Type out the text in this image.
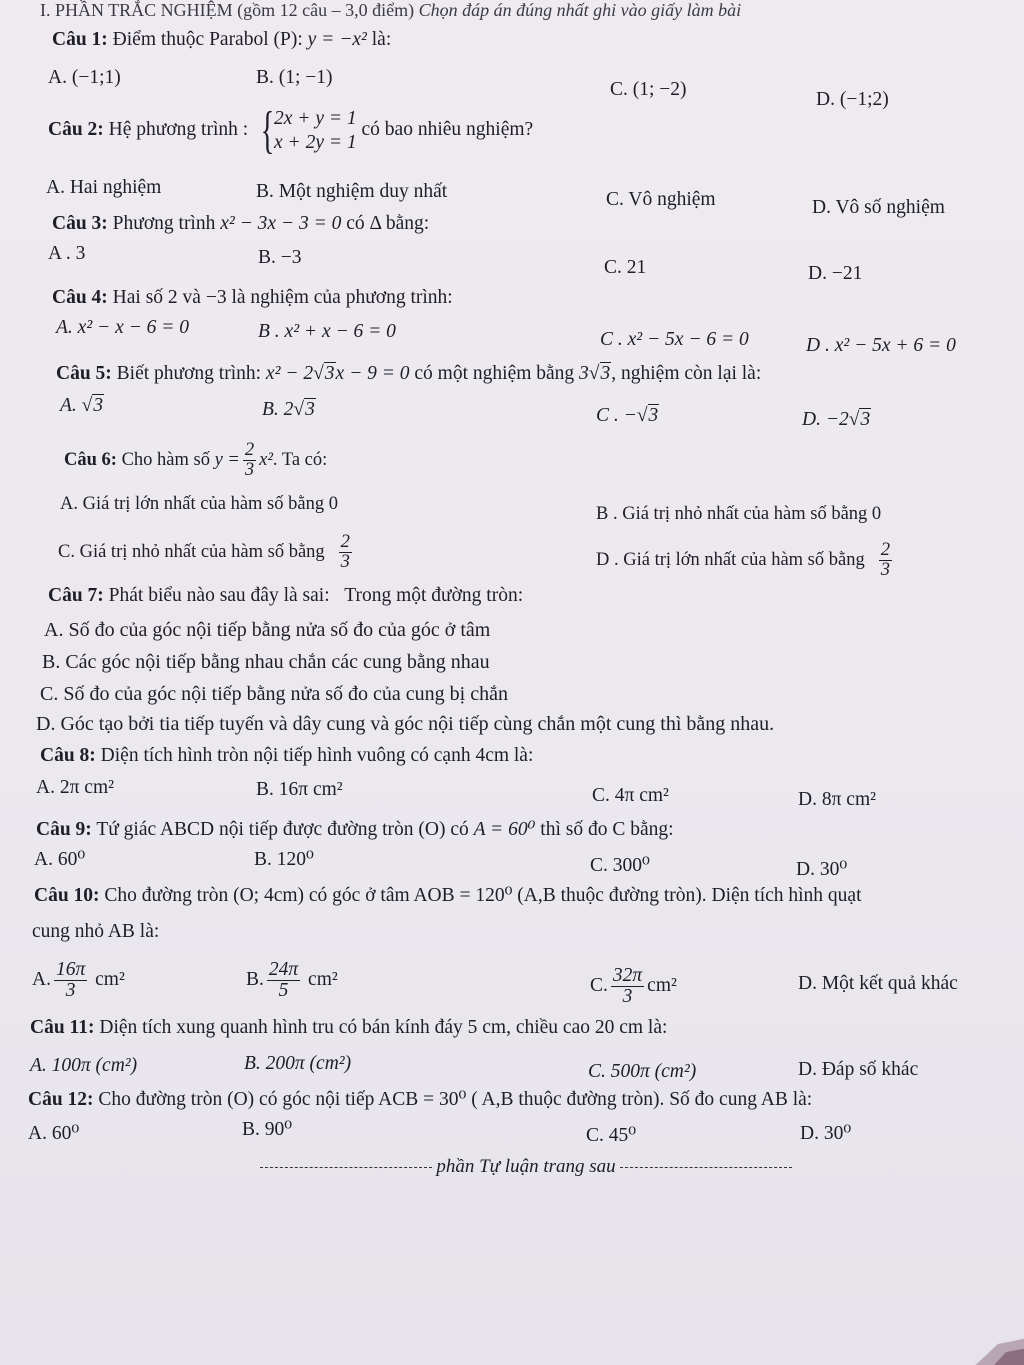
I. PHẦN TRẮC NGHIỆM (gồm 12 câu – 3,0 điểm) Chọn đáp án đúng nhất ghi vào giấy làm bài
Câu 1: Điểm thuộc Parabol (P): y = −x² là:
A. (−1;1)	B. (1; −1)
C. (1; −2)	D. (−1;2)
Câu 2: Hệ phương trình : { 2x + y = 1
x + 2y = 1
có bao nhiêu nghiệm?
A. Hai nghiệm	B. Một nghiệm duy nhất	C. Vô nghiệm	D. Vô số nghiệm
Câu 3: Phương trình x² − 3x − 3 = 0 có Δ bằng:
A . 3	B. −3	C. 21	D. −21
Câu 4: Hai số 2 và −3 là nghiệm của phương trình:
A. x² − x − 6 = 0	B . x² + x − 6 = 0	C . x² − 5x − 6 = 0	D . x² − 5x + 6 = 0
Câu 5: Biết phương trình: x² − 2√3x − 9 = 0 có một nghiệm bằng 3√3, nghiệm còn lại là:
A. √3	B. 2√3	C . −√3	D. −2√3
Câu 6: Cho hàm số $y = \frac{2}{3} x^2$. Ta có:
A. Giá trị lớn nhất của hàm số bằng 0	B . Giá trị nhỏ nhất của hàm số bằng 0
C. Giá trị nhỏ nhất của hàm số bằng $\frac{2}{3}$	D . Giá trị lớn nhất của hàm số bằng $\frac{2}{3}$
Câu 7: Phát biểu nào sau đây là sai: Trong một đường tròn:
A. Số đo của góc nội tiếp bằng nửa số đo của góc ở tâm
B. Các góc nội tiếp bằng nhau chắn các cung bằng nhau
C. Số đo của góc nội tiếp bằng nửa số đo của cung bị chắn
D. Góc tạo bởi tia tiếp tuyến và dây cung và góc nội tiếp cùng chắn một cung thì bằng nhau.
Câu 8: Diện tích hình tròn nội tiếp hình vuông có cạnh 4cm là:
A. 2π cm²	B. 16π cm²	C. 4π cm²	D. 8π cm²
Câu 9: Tứ giác ABCD nội tiếp được đường tròn (O) có A = 60⁰ thì số đo C bằng:
A. 60⁰	B. 120⁰	C. 300⁰	D. 30⁰
Câu 10: Cho đường tròn (O; 4cm) có góc ở tâm AOB = 120⁰ (A,B thuộc đường tròn). Diện tích hình quạt
cung nhỏ AB là:
A. $\frac{16\pi}{3} cm^2$	B. $\frac{24\pi}{5} cm^2$	C. $\frac{32\pi}{3} cm^2$	D. Một kết quả khác
Câu 11: Diện tích xung quanh hình tru có bán kính đáy 5 cm, chiều cao 20 cm là:
A. 100π (cm²)	B. 200π (cm²)	C. 500π (cm²)	D. Đáp số khác
Câu 12: Cho đường tròn (O) có góc nội tiếp ACB = 30⁰ ( A,B thuộc đường tròn). Số đo cung AB là:
A. 60⁰	B. 90⁰	C. 45⁰	D. 30⁰
phần Tự luận trang sau
